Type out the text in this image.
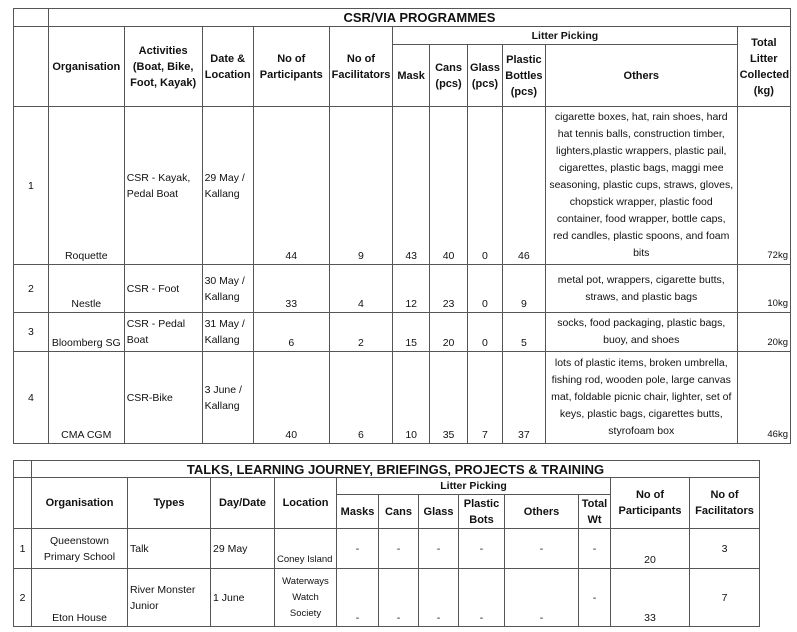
	CSR/VIA PROGRAMMES										
	Organisation	Activities (Boat, Bike, Foot, Kayak)	Date & Location	No of Participants	No of Facilitators	Litter Picking					Total Litter Collected (kg)
						Mask	Cans (pcs)	Glass (pcs)	Plastic Bottles (pcs)	Others	
1	Roquette	CSR - Kayak, Pedal Boat	29 May / Kallang	44	9	43	40	0	46	cigarette boxes, hat, rain shoes, hard hat tennis balls, construction timber, lighters,plastic wrappers, plastic pail, cigarettes, plastic bags, maggi mee seasoning, plastic cups, straws, gloves, chopstick wrapper, plastic food container, food wrapper, bottle caps, red candles, plastic spoons, and foam bits	72kg
2	Nestle	CSR - Foot	30 May / Kallang	33	4	12	23	0	9	metal pot, wrappers, cigarette butts, straws, and plastic bags	10kg
3	Bloomberg SG	CSR - Pedal Boat	31 May / Kallang	6	2	15	20	0	5	socks, food packaging, plastic bags, buoy, and shoes	20kg
4	CMA CGM	CSR-Bike	3 June / Kallang	40	6	10	35	7	37	lots of plastic items, broken umbrella, fishing rod, wooden pole, large canvas mat, foldable picnic chair, lighter, set of keys, plastic bags, cigarettes butts, styrofoam box	46kg
	TALKS, LEARNING JOURNEY, BRIEFINGS, PROJECTS & TRAINING											
	Organisation	Types	Day/Date	Location	Litter Picking						No of Participants	No of Facilitators
					Masks	Cans	Glass	Plastic Bots	Others	Total Wt		
1	Queenstown Primary School	Talk	29 May	Coney Island	-	-	-	-	-	-	20	3
2	Eton House	River Monster Junior	1 June	Waterways Watch Society	-	-	-	-	-	-	33	7
